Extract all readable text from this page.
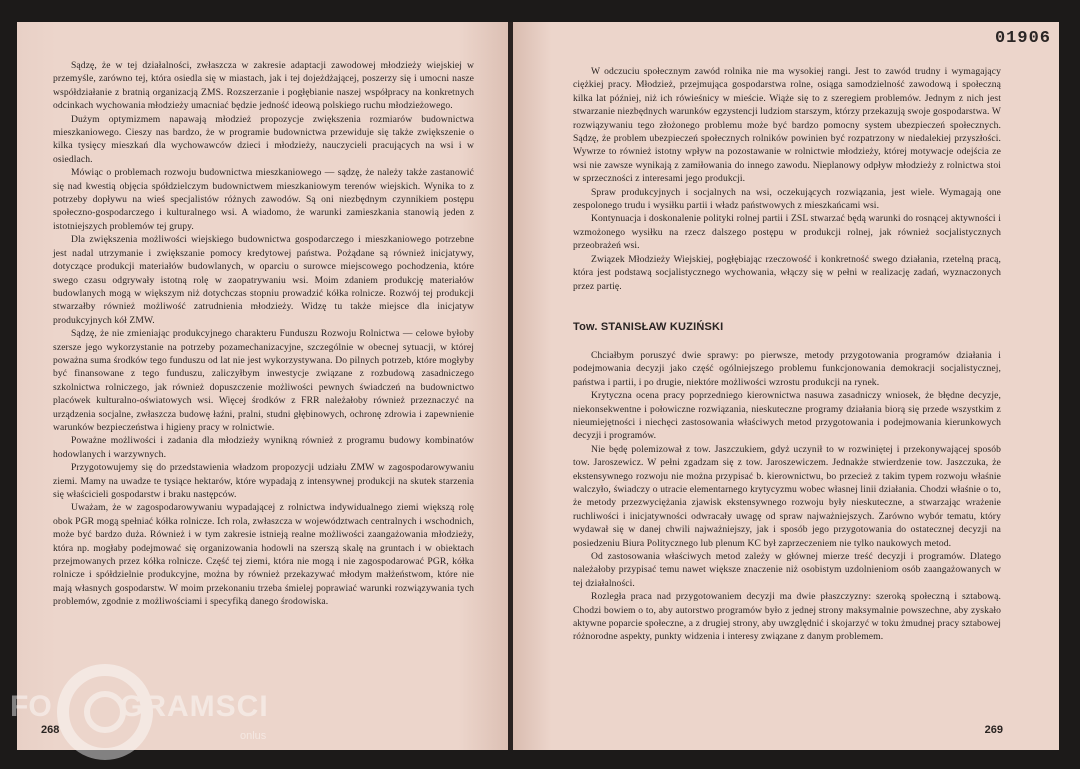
Sądzę, że w tej działalności, zwłaszcza w zakresie adaptacji zawodowej młodzieży wiejskiej w przemyśle, zarówno tej, która osiedla się w miastach, jak i tej dojeżdżającej, poszerzy się i umocni nasze współdziałanie z bratnią organizacją ZMS. Rozszerzanie i pogłębianie naszej współpracy na konkretnych odcinkach wychowania młodzieży umacniać będzie jedność ideową polskiego ruchu młodzieżowego.

Dużym optymizmem napawają młodzież propozycje zwiększenia rozmiarów budownictwa mieszkaniowego. Cieszy nas bardzo, że w programie budownictwa przewiduje się także zwiększenie o kilka tysięcy mieszkań dla wychowawców dzieci i młodzieży, nauczycieli pracujących na wsi i w osiedlach.

Mówiąc o problemach rozwoju budownictwa mieszkaniowego — sądzę, że należy także zastanowić się nad kwestią objęcia spółdzielczym budownictwem mieszkaniowym terenów wiejskich. Wynika to z potrzeby dopływu na wieś specjalistów różnych zawodów. Są oni niezbędnym czynnikiem postępu społeczno-gospodarczego i kulturalnego wsi. A wiadomo, że warunki zamieszkania stanowią jeden z istotniejszych problemów tej grupy.

Dla zwiększenia możliwości wiejskiego budownictwa gospodarczego i mieszkaniowego potrzebne jest nadal utrzymanie i zwiększanie pomocy kredytowej państwa. Pożądane są również inicjatywy, dotyczące produkcji materiałów budowlanych, w oparciu o surowce miejscowego pochodzenia, które swego czasu odgrywały istotną rolę w zaopatrywaniu wsi. Moim zdaniem produkcję materiałów budowlanych mogą w większym niż dotychczas stopniu prowadzić kółka rolnicze. Rozwój tej produkcji stwarzałby również możliwość zatrudnienia młodzieży. Widzę tu także miejsce dla inicjatyw produkcyjnych kół ZMW.

Sądzę, że nie zmieniając produkcyjnego charakteru Funduszu Rozwoju Rolnictwa — celowe byłoby szersze jego wykorzystanie na potrzeby pozamechanizacyjne, szczególnie w obecnej sytuacji, w której poważna suma środków tego funduszu od lat nie jest wykorzystywana. Do pilnych potrzeb, które mogłyby być finansowane z tego funduszu, zaliczyłbym inwestycje związane z rozbudową zasadniczego szkolnictwa rolniczego, jak również dopuszczenie możliwości pewnych świadczeń na budownictwo placówek kulturalno-oświatowych wsi. Więcej środków z FRR należałoby również przeznaczyć na urządzenia socjalne, zwłaszcza budowę łaźni, pralni, studni głębinowych, ochronę zdrowia i zapewnienie warunków bezpieczeństwa i higieny pracy w rolnictwie.

Poważne możliwości i zadania dla młodzieży wynikną również z programu budowy kombinatów hodowlanych i warzywnych.

Przygotowujemy się do przedstawienia władzom propozycji udziału ZMW w zagospodarowywaniu ziemi. Mamy na uwadze te tysiące hektarów, które wypadają z intensywnej produkcji na skutek starzenia się właścicieli gospodarstw i braku następców.

Uważam, że w zagospodarowywaniu wypadającej z rolnictwa indywidualnego ziemi większą rolę obok PGR mogą spełniać kółka rolnicze. Ich rola, zwłaszcza w województwach centralnych i wschodnich, może być bardzo duża. Również i w tym zakresie istnieją realne możliwości zaangażowania młodzieży, która np. mogłaby podejmować się organizowania hodowli na szerszą skalę na gruntach i w obiektach przejmowanych przez kółka rolnicze. Część tej ziemi, która nie mogą i nie zagospodarować PGR, kółka rolnicze i spółdzielnie produkcyjne, można by również przekazywać młodym małżeństwom, które nie mają własnych gospodarstw. W moim przekonaniu trzeba śmielej poprawiać warunki rozwiązywania tych problemów, zgodnie z możliwościami i specyfiką danego środowiska.

268
01906

W odczuciu społecznym zawód rolnika nie ma wysokiej rangi. Jest to zawód trudny i wymagający ciężkiej pracy. Młodzież, przejmująca gospodarstwa rolne, osiąga samodzielność zawodową i społeczną kilka lat później, niż ich rówieśnicy w mieście. Wiąże się to z szeregiem problemów. Jednym z nich jest stwarzanie niezbędnych warunków egzystencji ludziom starszym, którzy przekazują swoje gospodarstwa. W rozwiązywaniu tego złożonego problemu może być bardzo pomocny system ubezpieczeń społecznych. Sądzę, że problem ubezpieczeń społecznych rolników powinien być rozpatrzony w niedalekiej przyszłości. Wywrze to również istotny wpływ na pozostawanie w rolnictwie młodzieży, której motywacje odejścia ze wsi nie zawsze wynikają z zamiłowania do innego zawodu. Nieplanowy odpływ młodzieży z rolnictwa stoi w sprzeczności z interesami jego produkcji.

Spraw produkcyjnych i socjalnych na wsi, oczekujących rozwiązania, jest wiele. Wymagają one zespolonego trudu i wysiłku partii i władz państwowych z mieszkańcami wsi.

Kontynuacja i doskonalenie polityki rolnej partii i ZSL stwarzać będą warunki do rosnącej aktywności i wzmożonego wysiłku na rzecz dalszego postępu w produkcji rolnej, jak również socjalistycznych przeobrażeń wsi.

Związek Młodzieży Wiejskiej, pogłębiając rzeczowość i konkretność swego działania, rzetelną pracą, która jest podstawą socjalistycznego wychowania, włączy się w pełni w realizację zadań, wyznaczonych przez partię.

Tow. STANISŁAW KUZIŃSKI

Chciałbym poruszyć dwie sprawy: po pierwsze, metody przygotowania programów działania i podejmowania decyzji jako część ogólniejszego problemu funkcjonowania demokracji socjalistycznej, państwa i partii, i po drugie, niektóre możliwości wzrostu produkcji na rynek.

Krytyczna ocena pracy poprzedniego kierownictwa nasuwa zasadniczy wniosek, że błędne decyzje, niekonsekwentne i połowiczne rozwiązania, nieskuteczne programy działania biorą się przede wszystkim z nieumiejętności i niechęci zastosowania właściwych metod przygotowania i podejmowania kierunkowych decyzji i programów.

Nie będę polemizował z tow. Jaszczukiem, gdyż uczynił to w rozwiniętej i przekonywającej sposób tow. Jaroszewicz. W pełni zgadzam się z tow. Jaroszewiczem. Jednakże stwierdzenie tow. Jaszczuka, że ekstensywnego rozwoju nie można przypisać b. kierownictwu, bo przecież z takim typem rozwoju właśnie walczyło, świadczy o utracie elementarnego krytycyzmu wobec własnej linii działania. Chodzi właśnie o to, że metody przezwyciężania zjawisk ekstensywnego rozwoju były nieskuteczne, a stwarzając wrażenie ruchliwości i inicjatywności odwracały uwagę od spraw najważniejszych. Zarówno wybór tematu, który wydawał się w danej chwili najważniejszy, jak i sposób jego przygotowania do ostatecznej decyzji na posiedzeniu Biura Politycznego lub plenum KC był zaprzeczeniem nie tylko naukowych metod.

Od zastosowania właściwych metod zależy w głównej mierze treść decyzji i programów. Dlatego należałoby przypisać temu nawet większe znaczenie niż osobistym uzdolnieniom osób zaangażowanych w tej działalności.

Rozległa praca nad przygotowaniem decyzji ma dwie płaszczyzny: szeroką społeczną i sztabową. Chodzi bowiem o to, aby autorstwo programów było z jednej strony maksymalnie powszechne, aby zyskało aktywne poparcie społeczne, a z drugiej strony, aby uwzględnić i skojarzyć w toku żmudnej pracy sztabowej różnorodne aspekty, punkty widzenia i interesy związane z danym problemem.

269
FO GRAMSCI
onlus
